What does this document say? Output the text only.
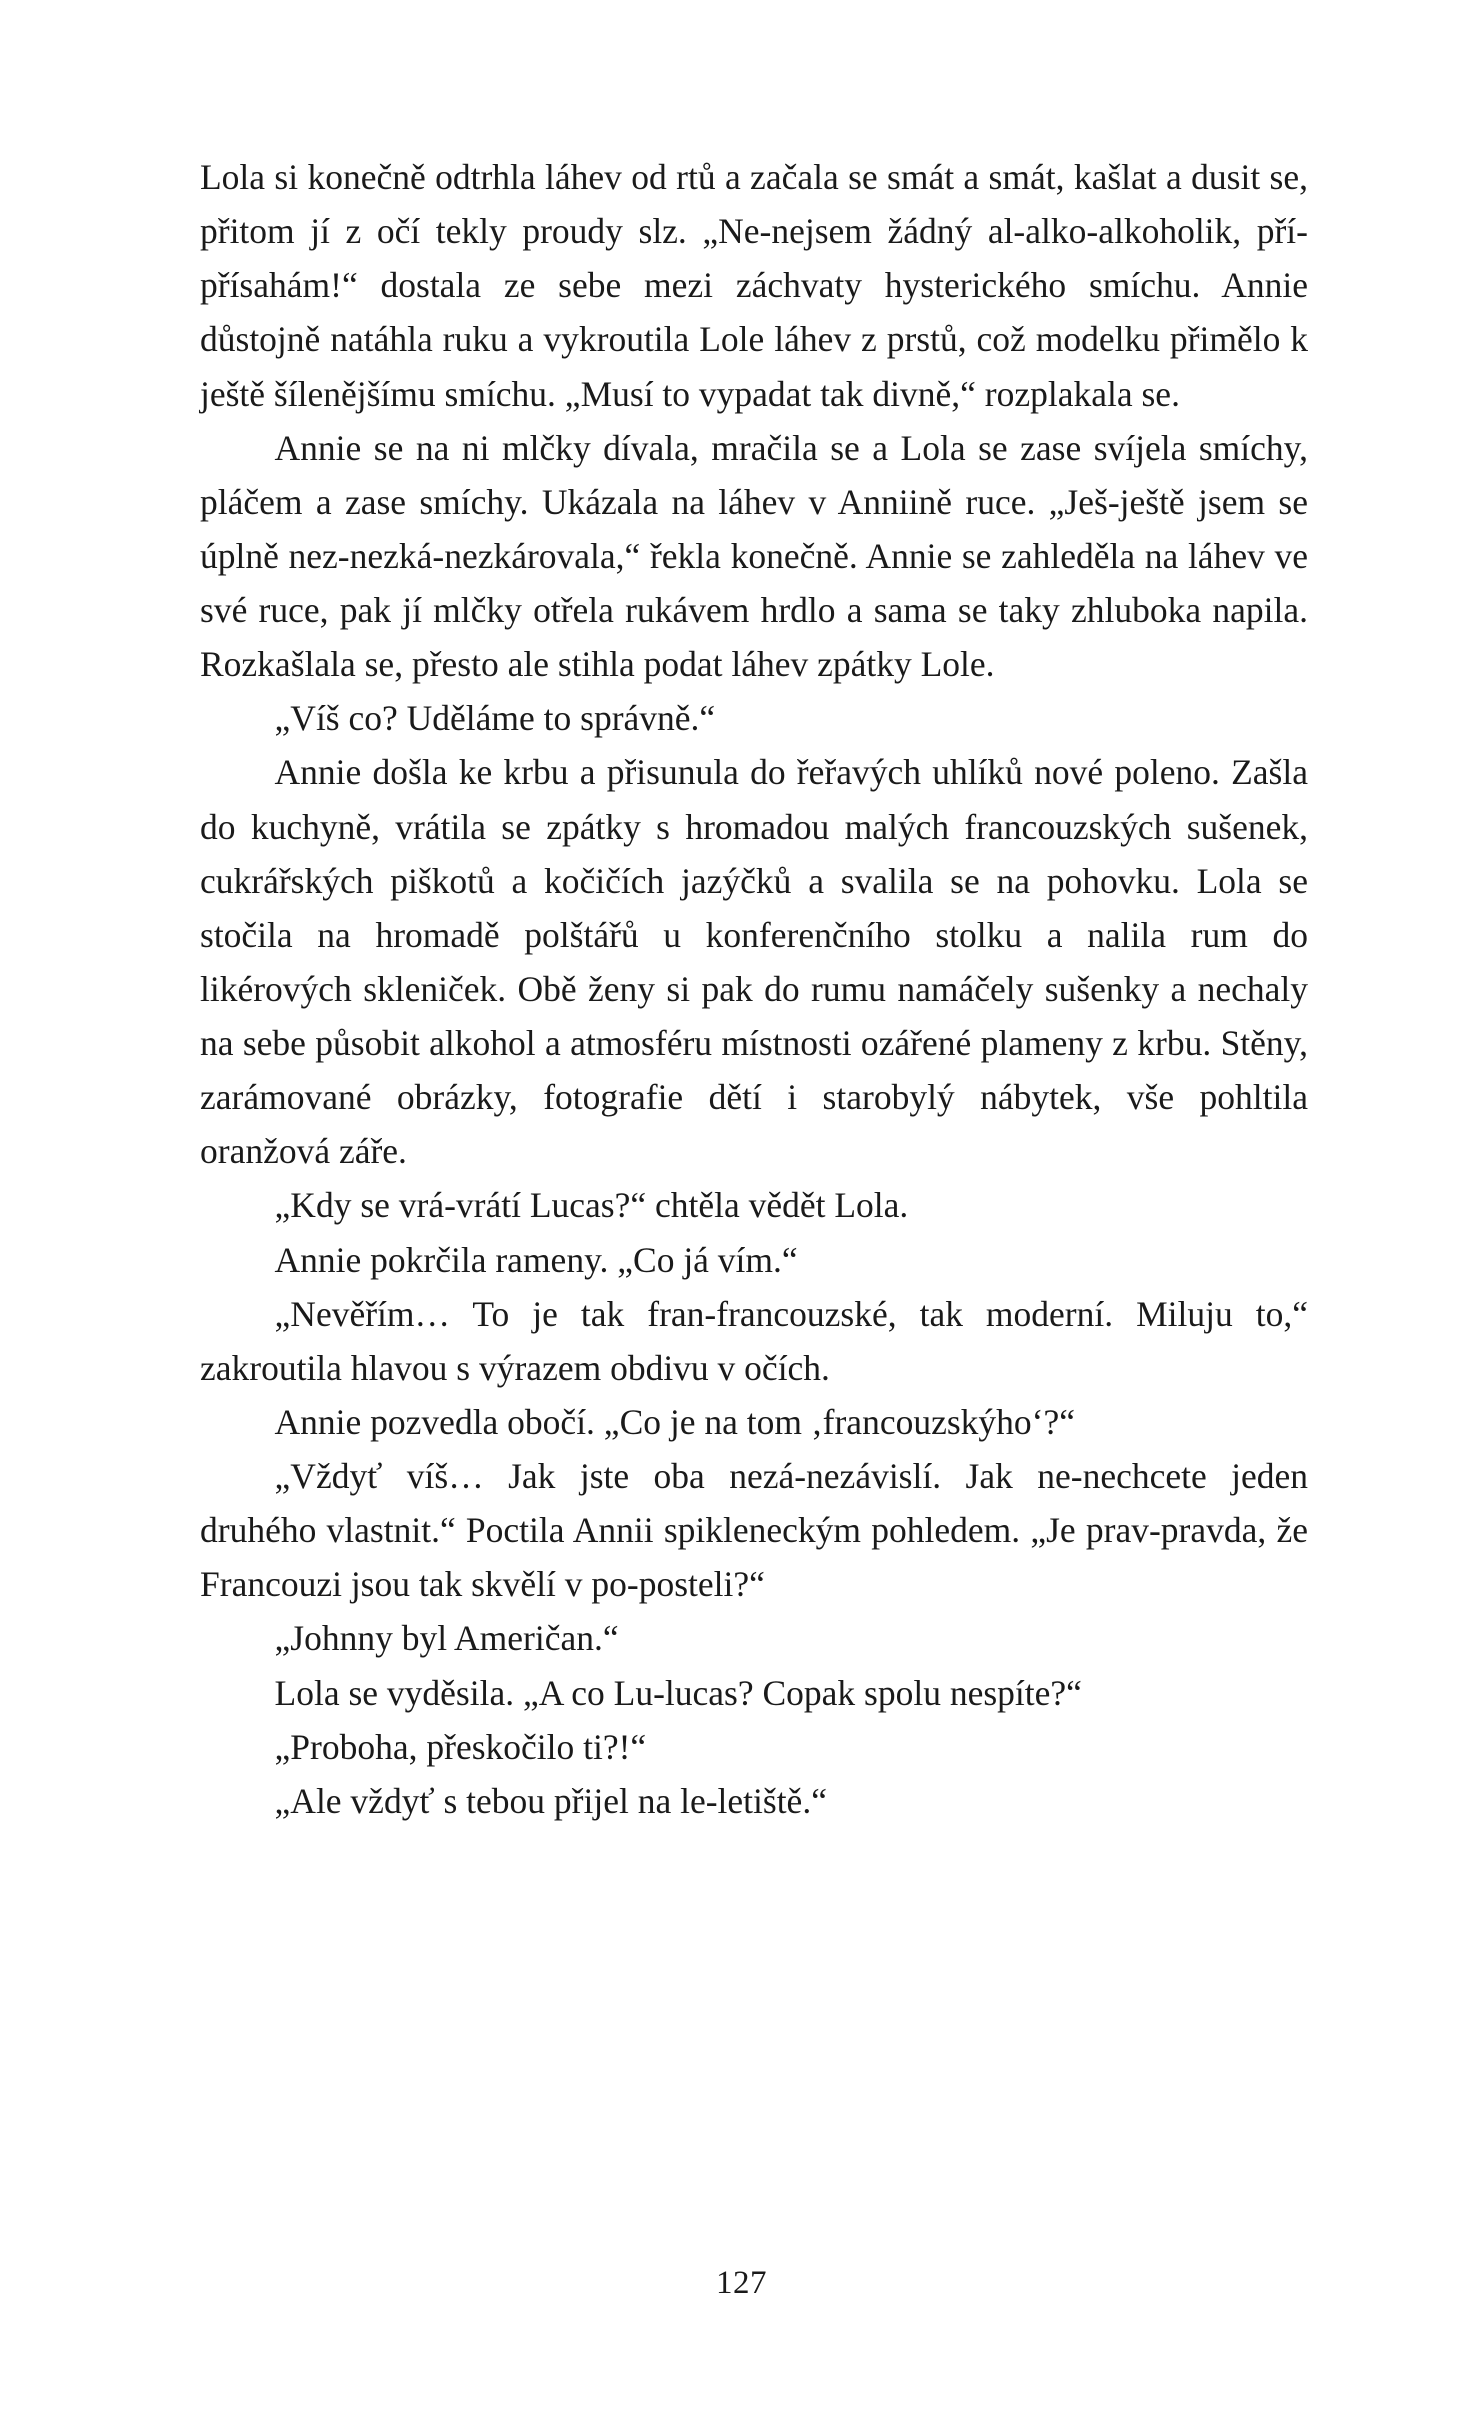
Lola si konečně odtrhla láhev od rtů a začala se smát a smát, kašlat a dusit se, přitom jí z očí tekly proudy slz. „Ne-nejsem žádný al-alko-alkoholik, pří-přísahám!“ dostala ze sebe mezi záchvaty hysterického smíchu. Annie důstojně natáhla ruku a vykroutila Lole láhev z prstů, což modelku přimělo k ještě šílenějšímu smíchu. „Musí to vypadat tak divně,“ rozplakala se.

Annie se na ni mlčky dívala, mračila se a Lola se zase svíjela smíchy, pláčem a zase smíchy. Ukázala na láhev v Anniině ruce. „Ješ-ještě jsem se úplně nez-nezká-nezkárovala,“ řekla konečně. Annie se zahleděla na láhev ve své ruce, pak jí mlčky otřela rukávem hrdlo a sama se taky zhluboka napila. Rozkašlala se, přesto ale stihla podat láhev zpátky Lole.

„Víš co? Uděláme to správně.“

Annie došla ke krbu a přisunula do řeřavých uhlíků nové poleno. Zašla do kuchyně, vrátila se zpátky s hromadou malých francouzských sušenek, cukrářských piškotů a kočičích jazýčků a svalila se na pohovku. Lola se stočila na hromadě polštářů u konferenčního stolku a nalila rum do likérových skleniček. Obě ženy si pak do rumu namáčely sušenky a nechaly na sebe působit alkohol a atmosféru místnosti ozářené plameny z krbu. Stěny, zarámované obrázky, fotografie dětí i starobylý nábytek, vše pohltila oranžová záře.

„Kdy se vrá-vrátí Lucas?“ chtěla vědět Lola.

Annie pokrčila rameny. „Co já vím.“

„Nevěřím… To je tak fran-francouzské, tak moderní. Miluju to,“ zakroutila hlavou s výrazem obdivu v očích.

Annie pozvedla obočí. „Co je na tom ‚francouzskýho‘?“

„Vždyť víš… Jak jste oba nezá-nezávislí. Jak ne-nechcete jeden druhého vlastnit.“ Poctila Annii spikleneckým pohledem. „Je prav-pravda, že Francouzi jsou tak skvělí v po-posteli?“

„Johnny byl Američan.“

Lola se vyděsila. „A co Lu-lucas? Copak spolu nespíte?“

„Proboha, přeskočilo ti?!“

„Ale vždyť s tebou přijel na le-letiště.“

127
